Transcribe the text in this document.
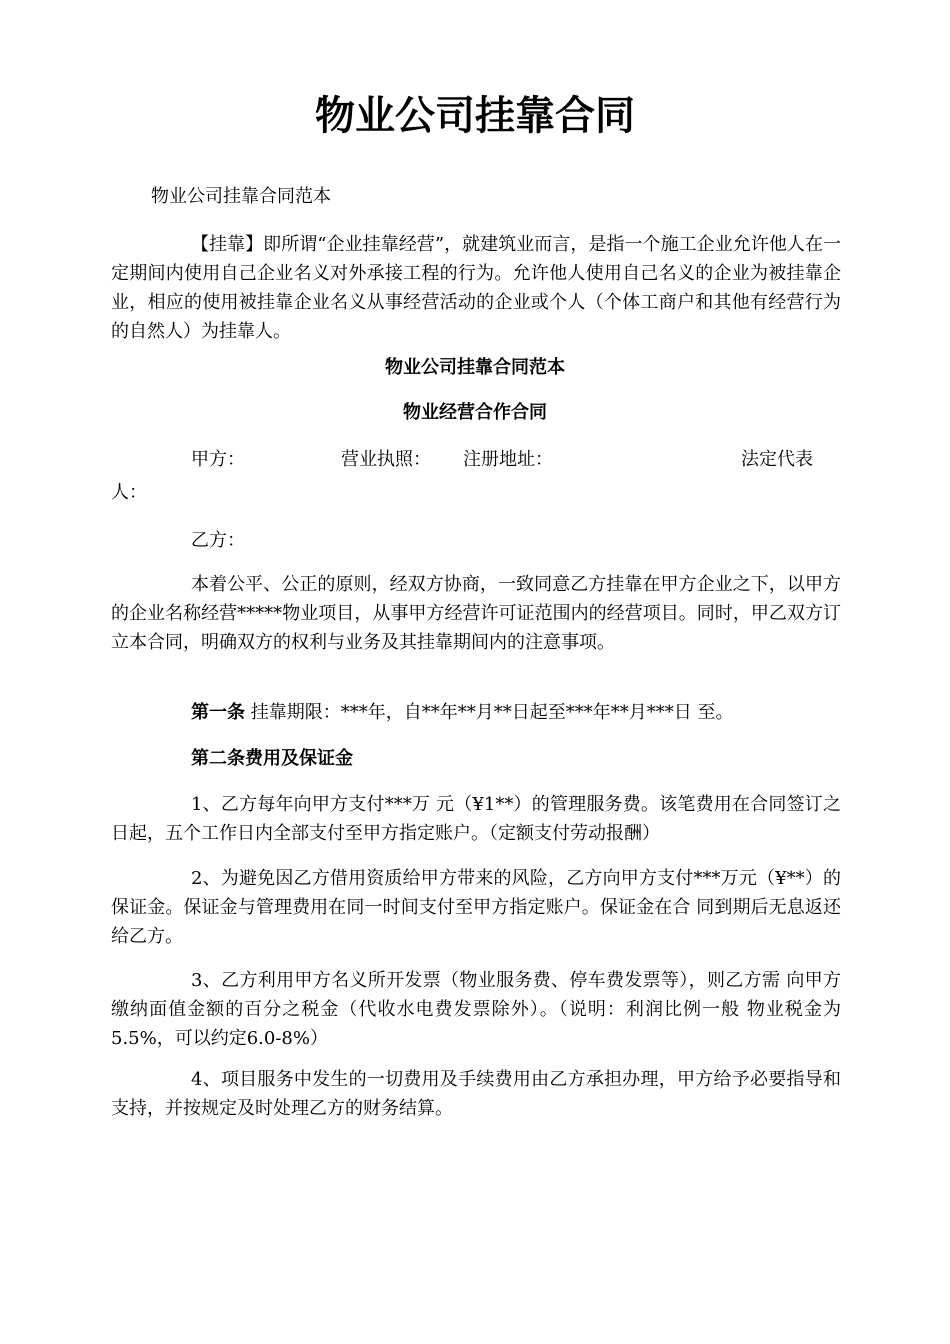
物业公司挂靠合同

物业公司挂靠合同范本

【挂靠】即所谓“企业挂靠经营”，就建筑业而言，是指一个施工企业允许他人在一定期间内使用自己企业名义对外承接工程的行为。允许他人使用自己名义的企业为被挂靠企业，相应的使用被挂靠企业名义从事经营活动的企业或个人（个体工商户和其他有经营行为的自然人）为挂靠人。

物业公司挂靠合同范本

物业经营合作合同

甲方：	营业执照： 注册地址：	法定代表
人：
乙方：

本着公平、公正的原则，经双方协商，一致同意乙方挂靠在甲方企业之下，以甲方的企业名称经营*****物业项目，从事甲方经营许可证范围内的经营项目。同时，甲乙双方订立本合同，明确双方的权利与业务及其挂靠期间内的注意事项。

第一条 挂靠期限：***年，自**年**月**日起至***年**月***日 至。

第二条费用及保证金

1、乙方每年向甲方支付***万 元（¥1**）的管理服务费。该笔费用在合同签订之日起，五个工作日内全部支付至甲方指定账户。（定额支付劳动报酬）

2、为避免因乙方借用资质给甲方带来的风险，乙方向甲方支付***万元（¥**）的保证金。保证金与管理费用在同一时间支付至甲方指定账户。保证金在合 同到期后无息返还给乙方。

3、乙方利用甲方名义所开发票（物业服务费、停车费发票等），则乙方需 向甲方缴纳面值金额的百分之税金（代收水电费发票除外）。（说明：利润比例一般 物业税金为5.5%，可以约定6.0-8%）

4、项目服务中发生的一切费用及手续费用由乙方承担办理，甲方给予必要指导和支持，并按规定及时处理乙方的财务结算。
